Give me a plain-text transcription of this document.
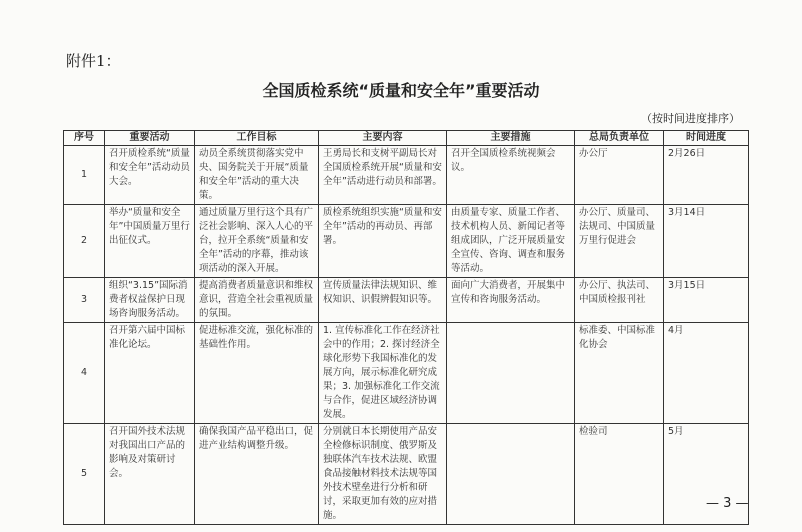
附件1：
全国质检系统“质量和安全年”重要活动
（按时间进度排序）
序号	重要活动	工作目标	主要内容	主要措施	总局负责单位	时间进度
1	召开质检系统“质量和安全年”活动动员大会。	动员全系统贯彻落实党中央、国务院关于开展“质量和安全年”活动的重大决策。	王勇局长和支树平副局长对全国质检系统开展“质量和安全年”活动进行动员和部署。	召开全国质检系统视频会议。	办公厅	2月26日
2	举办“质量和安全年”中国质量万里行出征仪式。	通过质量万里行这个具有广泛社会影响、深入人心的平台，拉开全系统“质量和安全年”活动的序幕，推动该项活动的深入开展。	质检系统组织实施“质量和安全年”活动的再动员、再部署。	由质量专家、质量工作者、技术机构人员、新闻记者等组成团队，广泛开展质量安全宣传、咨询、调查和服务等活动。	办公厅、质量司、法规司、中国质量万里行促进会	3月14日
3	组织“3.15”国际消费者权益保护日现场咨询服务活动。	提高消费者质量意识和维权意识，营造全社会重视质量的氛围。	宣传质量法律法规知识、维权知识、识假辨假知识等。	面向广大消费者，开展集中宣传和咨询服务活动。	办公厅、执法司、中国质检报刊社	3月15日
4	召开第六届中国标准化论坛。	促进标准交流，强化标准的基础性作用。	1. 宣传标准化工作在经济社会中的作用；2. 探讨经济全球化形势下我国标准化的发展方向，展示标准化研究成果；3. 加强标准化工作交流与合作，促进区域经济协调发展。		标准委、中国标准化协会	4月
5	召开国外技术法规对我国出口产品的影响及对策研讨会。	确保我国产品平稳出口，促进产业结构调整升级。	分别就日本长期使用产品安全检修标识制度、俄罗斯及独联体汽车技术法规、欧盟食品接触材料技术法规等国外技术壁垒进行分析和研讨，采取更加有效的应对措施。		检验司	5月
— 3 —
